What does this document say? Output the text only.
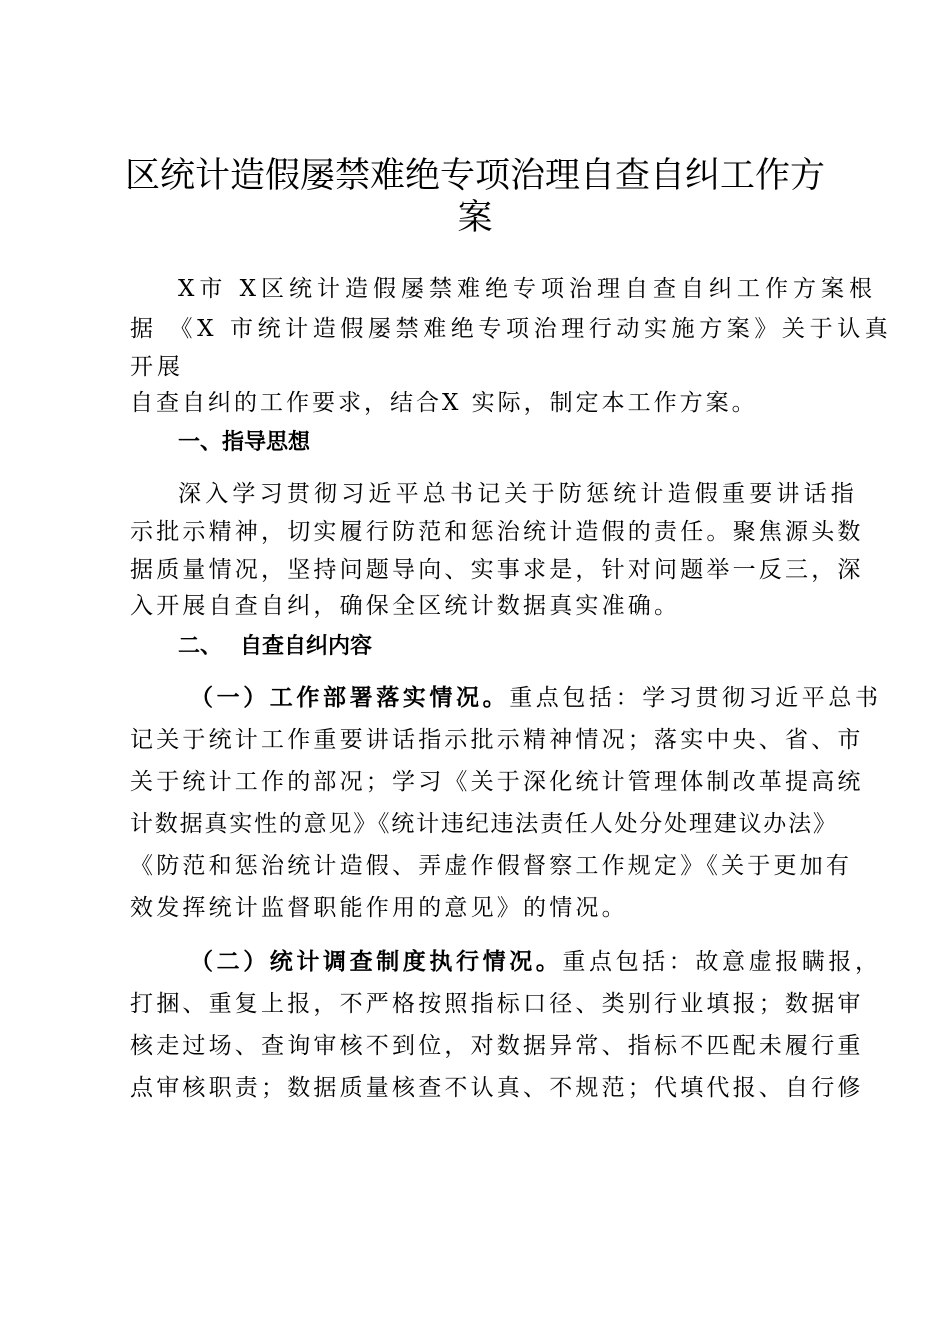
区统计造假屡禁难绝专项治理自查自纠工作方
案

X市 X区统计造假屡禁难绝专项治理自查自纠工作方案根

据 《X 市统计造假屡禁难绝专项治理行动实施方案》关于认真

开展

自查自纠的工作要求，结合X 实际，制定本工作方案。

一、指导思想

深入学习贯彻习近平总书记关于防惩统计造假重要讲话指

示批示精神，切实履行防范和惩治统计造假的责任。聚焦源头数

据质量情况，坚持问题导向、实事求是，针对问题举一反三，深

入开展自查自纠，确保全区统计数据真实准确。

二、 自查自纠内容

（一）工作部署落实情况。重点包括：学习贯彻习近平总书

记关于统计工作重要讲话指示批示精神情况；落实中央、省、市

关于统计工作的部况；学习《关于深化统计管理体制改革提高统

计数据真实性的意见》《统计违纪违法责任人处分处理建议办法》

《防范和惩治统计造假、弄虚作假督察工作规定》《关于更加有

效发挥统计监督职能作用的意见》的情况。

（二）统计调查制度执行情况。重点包括：故意虚报瞒报，

打捆、重复上报，不严格按照指标口径、类别行业填报；数据审

核走过场、查询审核不到位，对数据异常、指标不匹配未履行重

点审核职责；数据质量核查不认真、不规范；代填代报、自行修
